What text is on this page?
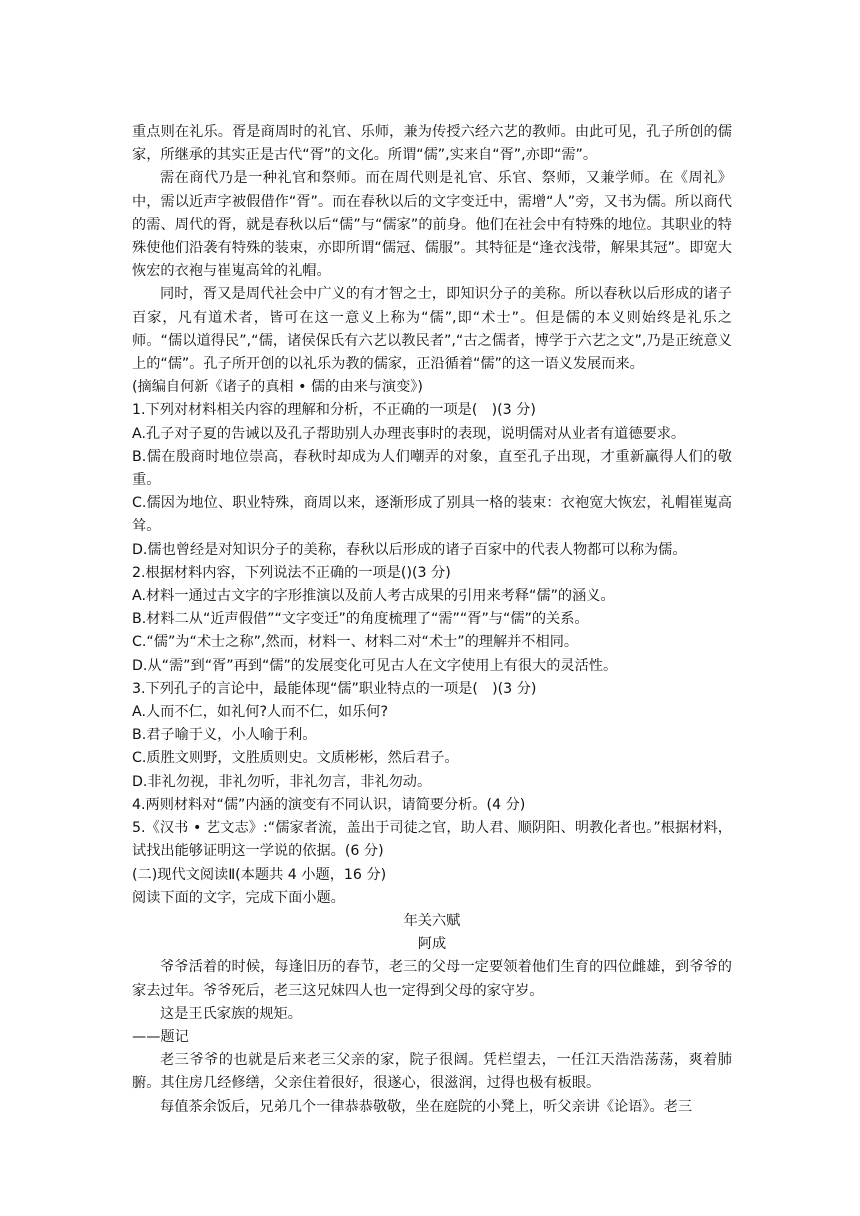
重点则在礼乐。胥是商周时的礼官、乐师，兼为传授六经六艺的教师。由此可见，孔子所创的儒家，所继承的其实正是古代“胥”的文化。所谓“儒”,实来自“胥”,亦即“需”。

需在商代乃是一种礼官和祭师。而在周代则是礼官、乐官、祭师，又兼学师。在《周礼》中，需以近声字被假借作“胥”。而在春秋以后的文字变迁中，需增“人”旁，又书为儒。所以商代的需、周代的胥，就是春秋以后“儒”与“儒家”的前身。他们在社会中有特殊的地位。其职业的特殊使他们沿袭有特殊的装束，亦即所谓“儒冠、儒服”。其特征是“逢衣浅带，解果其冠”。即宽大恢宏的衣袍与崔嵬高耸的礼帽。

同时，胥又是周代社会中广义的有才智之士，即知识分子的美称。所以春秋以后形成的诸子百家，凡有道术者，皆可在这一意义上称为“儒”,即“术士”。但是儒的本义则始终是礼乐之师。“儒以道得民”,“儒，诸侯保氏有六艺以教民者”,“古之儒者，博学于六艺之文”,乃是正统意义上的“儒”。孔子所开创的以礼乐为教的儒家，正沿循着“儒”的这一语义发展而来。

(摘编自何新《诸子的真相 • 儒的由来与演变》)

1.下列对材料相关内容的理解和分析，不正确的一项是(　)(3 分)

A.孔子对子夏的告诫以及孔子帮助别人办理丧事时的表现，说明儒对从业者有道德要求。

B.儒在殷商时地位崇高，春秋时却成为人们嘲弄的对象，直至孔子出现，才重新赢得人们的敬重。

C.儒因为地位、职业特殊，商周以来，逐渐形成了别具一格的装束：衣袍宽大恢宏，礼帽崔嵬高耸。

D.儒也曾经是对知识分子的美称，春秋以后形成的诸子百家中的代表人物都可以称为儒。

2.根据材料内容，下列说法不正确的一项是()(3 分)

A.材料一通过古文字的字形推演以及前人考古成果的引用来考释“儒”的涵义。

B.材料二从“近声假借”“文字变迁”的角度梳理了“需”“胥”与“儒”的关系。

C.“儒”为“术士之称”,然而，材料一、材料二对“术士”的理解并不相同。

D.从“需”到“胥”再到“儒”的发展变化可见古人在文字使用上有很大的灵活性。

3.下列孔子的言论中，最能体现“儒”职业特点的一项是(　)(3 分)

A.人而不仁，如礼何?人而不仁，如乐何?

B.君子喻于义，小人喻于利。

C.质胜文则野，文胜质则史。文质彬彬，然后君子。

D.非礼勿视，非礼勿听，非礼勿言，非礼勿动。

4.两则材料对“儒”内涵的演变有不同认识，请简要分析。(4 分)

5.《汉书 • 艺文志》:“儒家者流，盖出于司徒之官，助人君、顺阴阳、明教化者也。”根据材料，试找出能够证明这一学说的依据。(6 分)

(二)现代文阅读Ⅱ(本题共 4 小题，16 分)

阅读下面的文字，完成下面小题。

年关六赋

阿成

爷爷活着的时候，每逢旧历的春节，老三的父母一定要领着他们生育的四位雌雄，到爷爷的家去过年。爷爷死后，老三这兄妹四人也一定得到父母的家守岁。

这是王氏家族的规矩。

——题记

老三爷爷的也就是后来老三父亲的家，院子很阔。凭栏望去，一任江天浩浩荡荡，爽着肺腑。其住房几经修缮，父亲住着很好，很遂心，很滋润，过得也极有板眼。

每值茶余饭后，兄弟几个一律恭恭敬敬，坐在庭院的小凳上，听父亲讲《论语》。老三
